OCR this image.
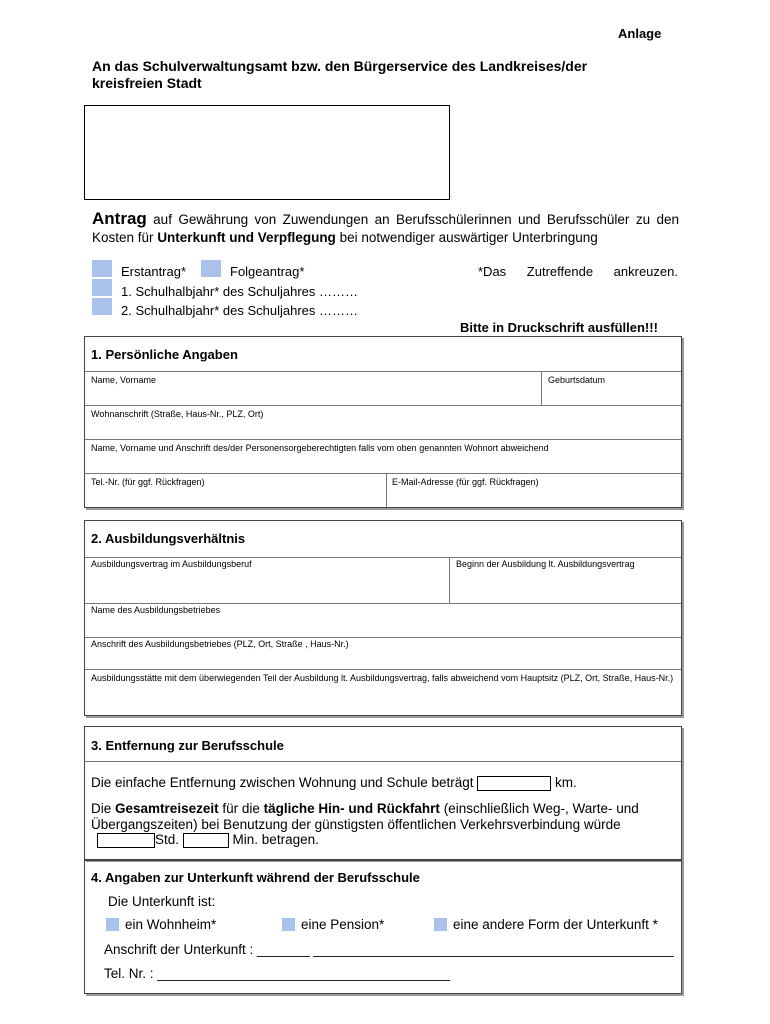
Anlage
An das Schulverwaltungsamt bzw. den Bürgerservice des Landkreises/der
kreisfreien Stadt
Antrag auf Gewährung von Zuwendungen an Berufsschülerinnen und Berufsschüler zu den Kosten für Unterkunft und Verpflegung bei notwendiger auswärtiger Unterbringung
Erstantrag*	Folgeantrag*	*Das Zutreffende ankreuzen.
1. Schulhalbjahr* des Schuljahres ………
2. Schulhalbjahr* des Schuljahres ………
Bitte in Druckschrift ausfüllen!!!
1. Persönliche Angaben
Name, Vorname	Geburtsdatum
Wohnanschrift (Straße, Haus-Nr., PLZ, Ort)
Name, Vorname und Anschrift des/der Personensorgeberechtigten falls vom oben genannten Wohnort abweichend
Tel.-Nr. (für ggf. Rückfragen)	E-Mail-Adresse (für ggf. Rückfragen)
2. Ausbildungsverhältnis
Ausbildungsvertrag im Ausbildungsberuf	Beginn der Ausbildung lt. Ausbildungsvertrag
Name des Ausbildungsbetriebes
Anschrift des Ausbildungsbetriebes (PLZ, Ort, Straße , Haus-Nr.)
Ausbildungsstätte mit dem überwiegenden Teil der Ausbildung lt. Ausbildungsvertrag, falls abweichend vom Hauptsitz (PLZ, Ort, Straße, Haus-Nr.)
3. Entfernung zur Berufsschule
Die einfache Entfernung zwischen Wohnung und Schule beträgt	km.
Die Gesamtreisezeit für die tägliche Hin- und Rückfahrt (einschließlich Weg-, Warte- und Übergangszeiten) bei Benutzung der günstigsten öffentlichen Verkehrsverbindung würde
Std.	Min. betragen.
4. Angaben zur Unterkunft während der Berufsschule
Die Unterkunft ist:
ein Wohnheim*	eine Pension*	eine andere Form der Unterkunft *
Anschrift der Unterkunft : _______ ________________________________________________
Tel. Nr. : _______________________________________
